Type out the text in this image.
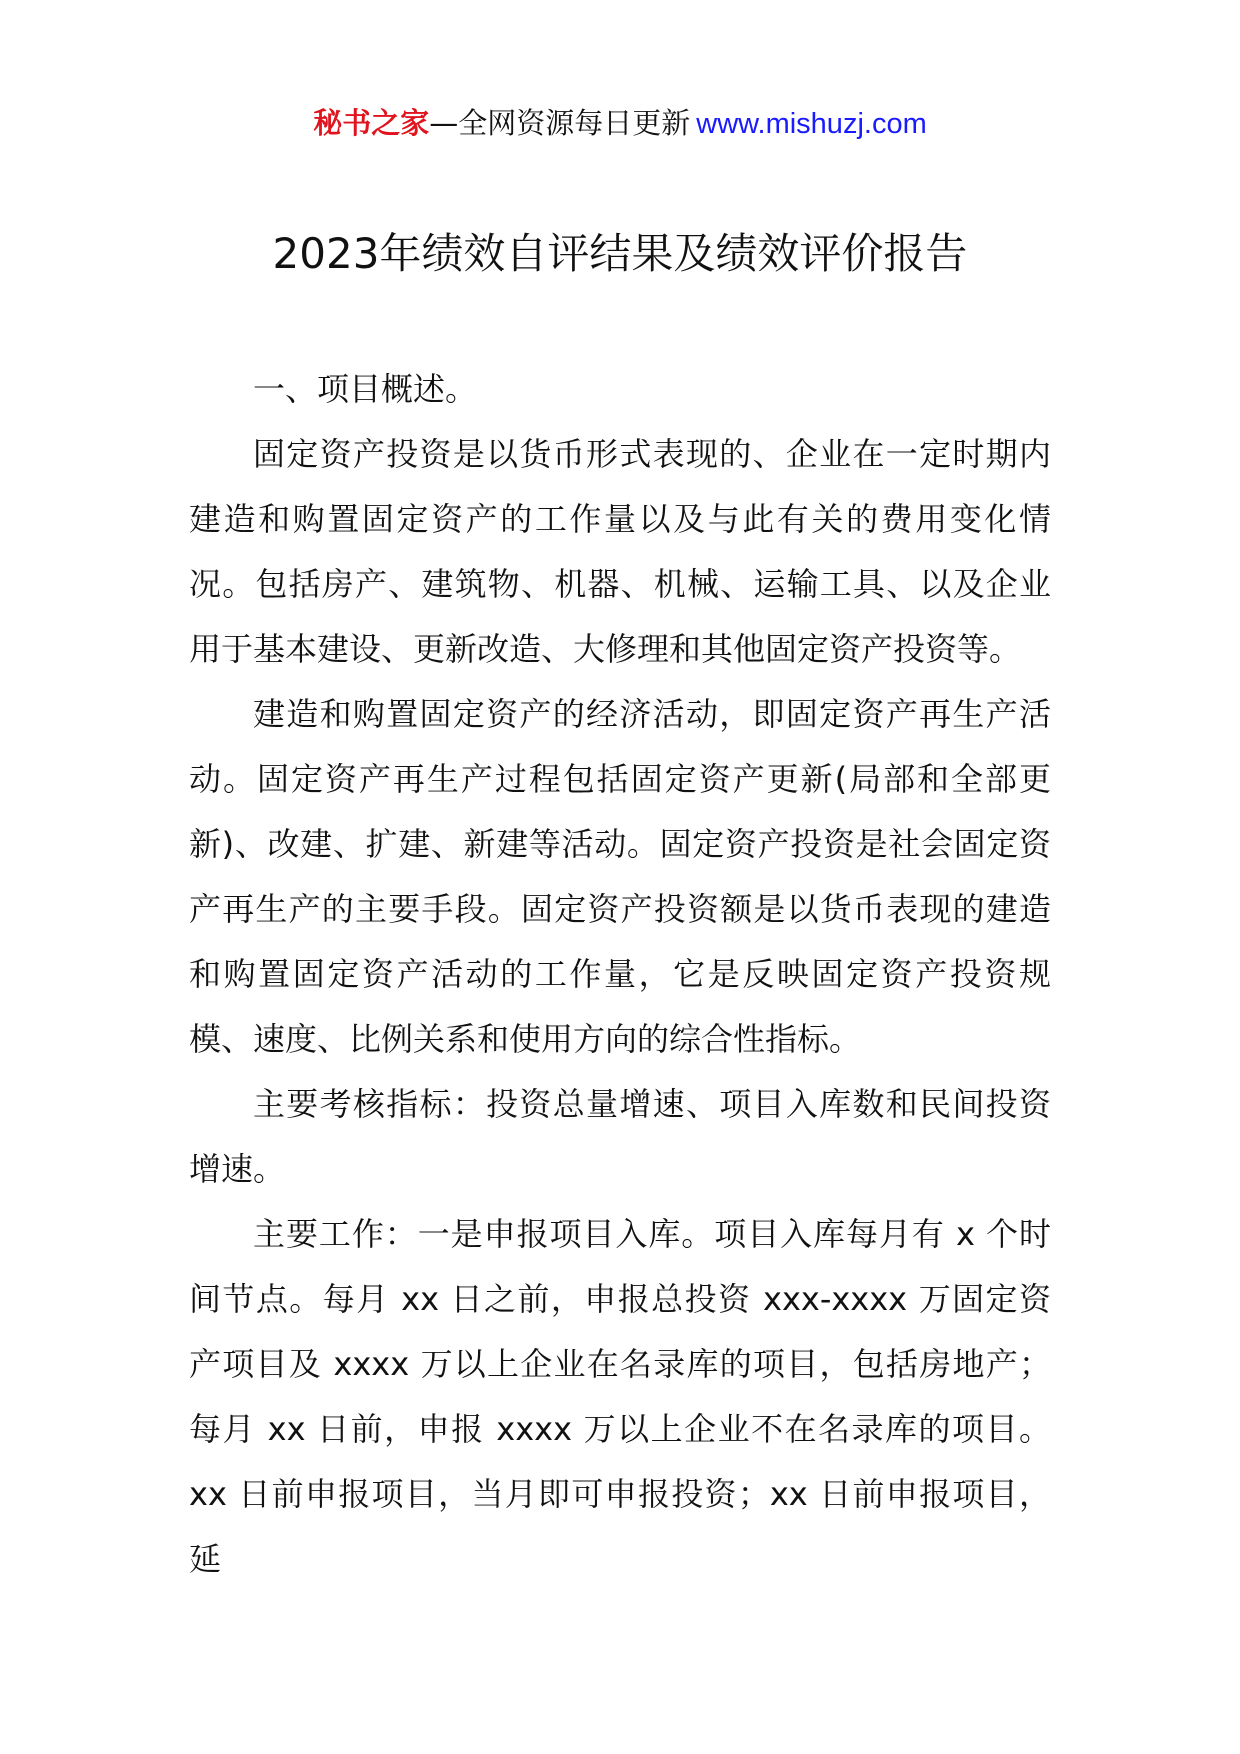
秘书之家—全网资源每日更新 www.mishuzj.com
2023年绩效自评结果及绩效评价报告

一、项目概述。

固定资产投资是以货币形式表现的、企业在一定时期内建造和购置固定资产的工作量以及与此有关的费用变化情况。包括房产、建筑物、机器、机械、运输工具、以及企业用于基本建设、更新改造、大修理和其他固定资产投资等。

建造和购置固定资产的经济活动，即固定资产再生产活动。固定资产再生产过程包括固定资产更新(局部和全部更新)、改建、扩建、新建等活动。固定资产投资是社会固定资产再生产的主要手段。固定资产投资额是以货币表现的建造和购置固定资产活动的工作量，它是反映固定资产投资规模、速度、比例关系和使用方向的综合性指标。

主要考核指标：投资总量增速、项目入库数和民间投资增速。

主要工作：一是申报项目入库。项目入库每月有 x 个时间节点。每月 xx 日之前，申报总投资 xxx-xxxx 万固定资产项目及 xxxx 万以上企业在名录库的项目，包括房地产；每月 xx 日前，申报 xxxx 万以上企业不在名录库的项目。 xx 日前申报项目，当月即可申报投资；xx 日前申报项目，延
